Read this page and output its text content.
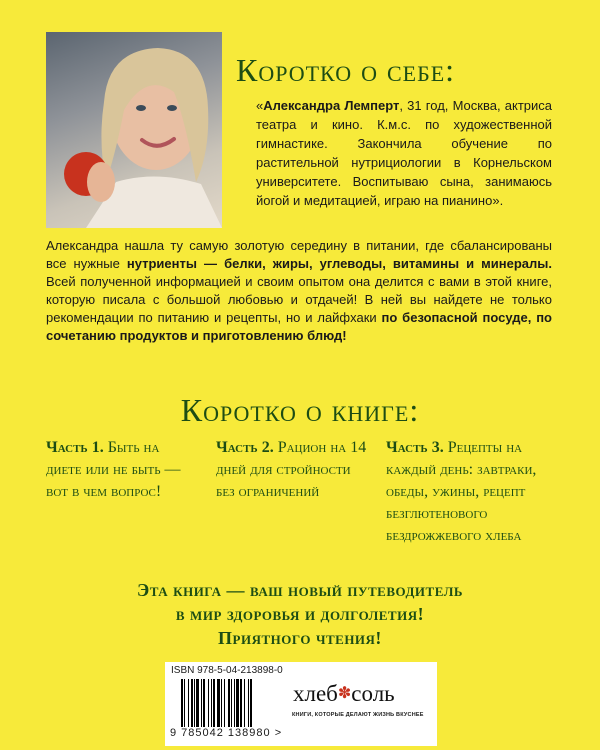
Коротко о себе:
«Александра Лемперт, 31 год, Москва, актриса театра и кино. К.м.с. по художественной гимнастике. Закончила обучение по растительной нутрициологии в Корнельском университете. Воспитываю сына, занимаюсь йогой и медитацией, играю на пианино».
Александра нашла ту самую золотую середину в питании, где сбалансированы все нужные нутриенты — белки, жиры, углеводы, витамины и минералы. Всей полученной информацией и своим опытом она делится с вами в этой книге, которую писала с большой любовью и отдачей! В ней вы найдете не только рекомендации по питанию и рецепты, но и лайфхаки по безопасной посуде, по сочетанию продуктов и приготовлению блюд!
Коротко о книге:
Часть 1. Быть на диете или не быть — вот в чем вопрос!
Часть 2. Рацион на 14 дней для стройности без ограничений
Часть 3. Рецепты на каждый день: завтраки, обеды, ужины, рецепт безглютенового бездрожжевого хлеба
Эта книга — ваш новый путеводитель
в мир здоровья и долголетия!
Приятного чтения!
ISBN 978-5-04-213898-0
9 785042 138980 >
хлеб✽соль
КНИГИ, КОТОРЫЕ ДЕЛАЮТ ЖИЗНЬ ВКУСНЕЕ
